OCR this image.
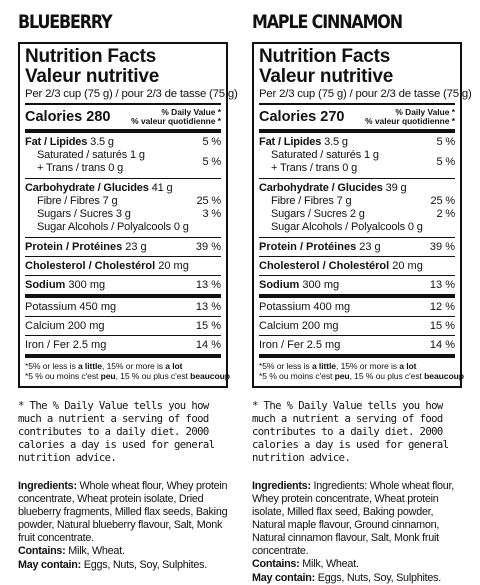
BLUEBERRY
Nutrition Facts
Valeur nutritive
Per 2/3 cup (75 g) / pour 2/3 de tasse (75 g)
Calories 280	% Daily Value *
% valeur quotidienne *
Fat / Lipides 3.5 g	5 %
Saturated / saturés 1 g
+ Trans / trans 0 g
5 %
Carbohydrate / Glucides 41 g
Fibre / Fibres 7 g	25 %
Sugars / Sucres 3 g	3 %
Sugar Alcohols / Polyalcools 0 g
Protein / Protéines 23 g	39 %
Cholesterol / Cholestérol 20 mg
Sodium 300 mg	13 %
Potassium 450 mg	13 %
Calcium 200 mg	15 %
Iron / Fer 2.5 mg	14 %
*5% or less is a little, 15% or more is a lot
*5 % ou moins c'est peu, 15 % ou plus c'est beaucoup
* The % Daily Value tells you how much a nutrient a serving of food contributes to a daily diet. 2000 calories a day is used for general nutrition advice.

Ingredients: Whole wheat flour, Whey protein concentrate, Wheat protein isolate, Dried blueberry fragments, Milled flax seeds, Baking powder, Natural blueberry flavour, Salt, Monk fruit concentrate.

Contains: Milk, Wheat.

May contain: Eggs, Nuts, Soy, Sulphites.

MAPLE CINNAMON
Nutrition Facts
Valeur nutritive
Per 2/3 cup (75 g) / pour 2/3 de tasse (75 g)
Calories 270	% Daily Value *
% valeur quotidienne *
Fat / Lipides 3.5 g	5 %
Saturated / saturés 1 g
+ Trans / trans 0 g
5 %
Carbohydrate / Glucides 39 g
Fibre / Fibres 7 g	25 %
Sugars / Sucres 2 g	2 %
Sugar Alcohols / Polyalcools 0 g
Protein / Protéines 23 g	39 %
Cholesterol / Cholestérol 20 mg
Sodium 300 mg	13 %
Potassium 400 mg	12 %
Calcium 200 mg	15 %
Iron / Fer 2.5 mg	14 %
*5% or less is a little, 15% or more is a lot
*5 % ou moins c'est peu, 15 % ou plus c'est beaucoup
* The % Daily Value tells you how much a nutrient a serving of food contributes to a daily diet. 2000 calories a day is used for general nutrition advice.

Ingredients: Ingredients: Whole wheat flour, Whey protein concentrate, Wheat protein isolate, Milled flax seed, Baking powder, Natural maple flavour, Ground cinnamon, Natural cinnamon flavour, Salt, Monk fruit concentrate.

Contains: Milk, Wheat.

May contain: Eggs, Nuts, Soy, Sulphites.
